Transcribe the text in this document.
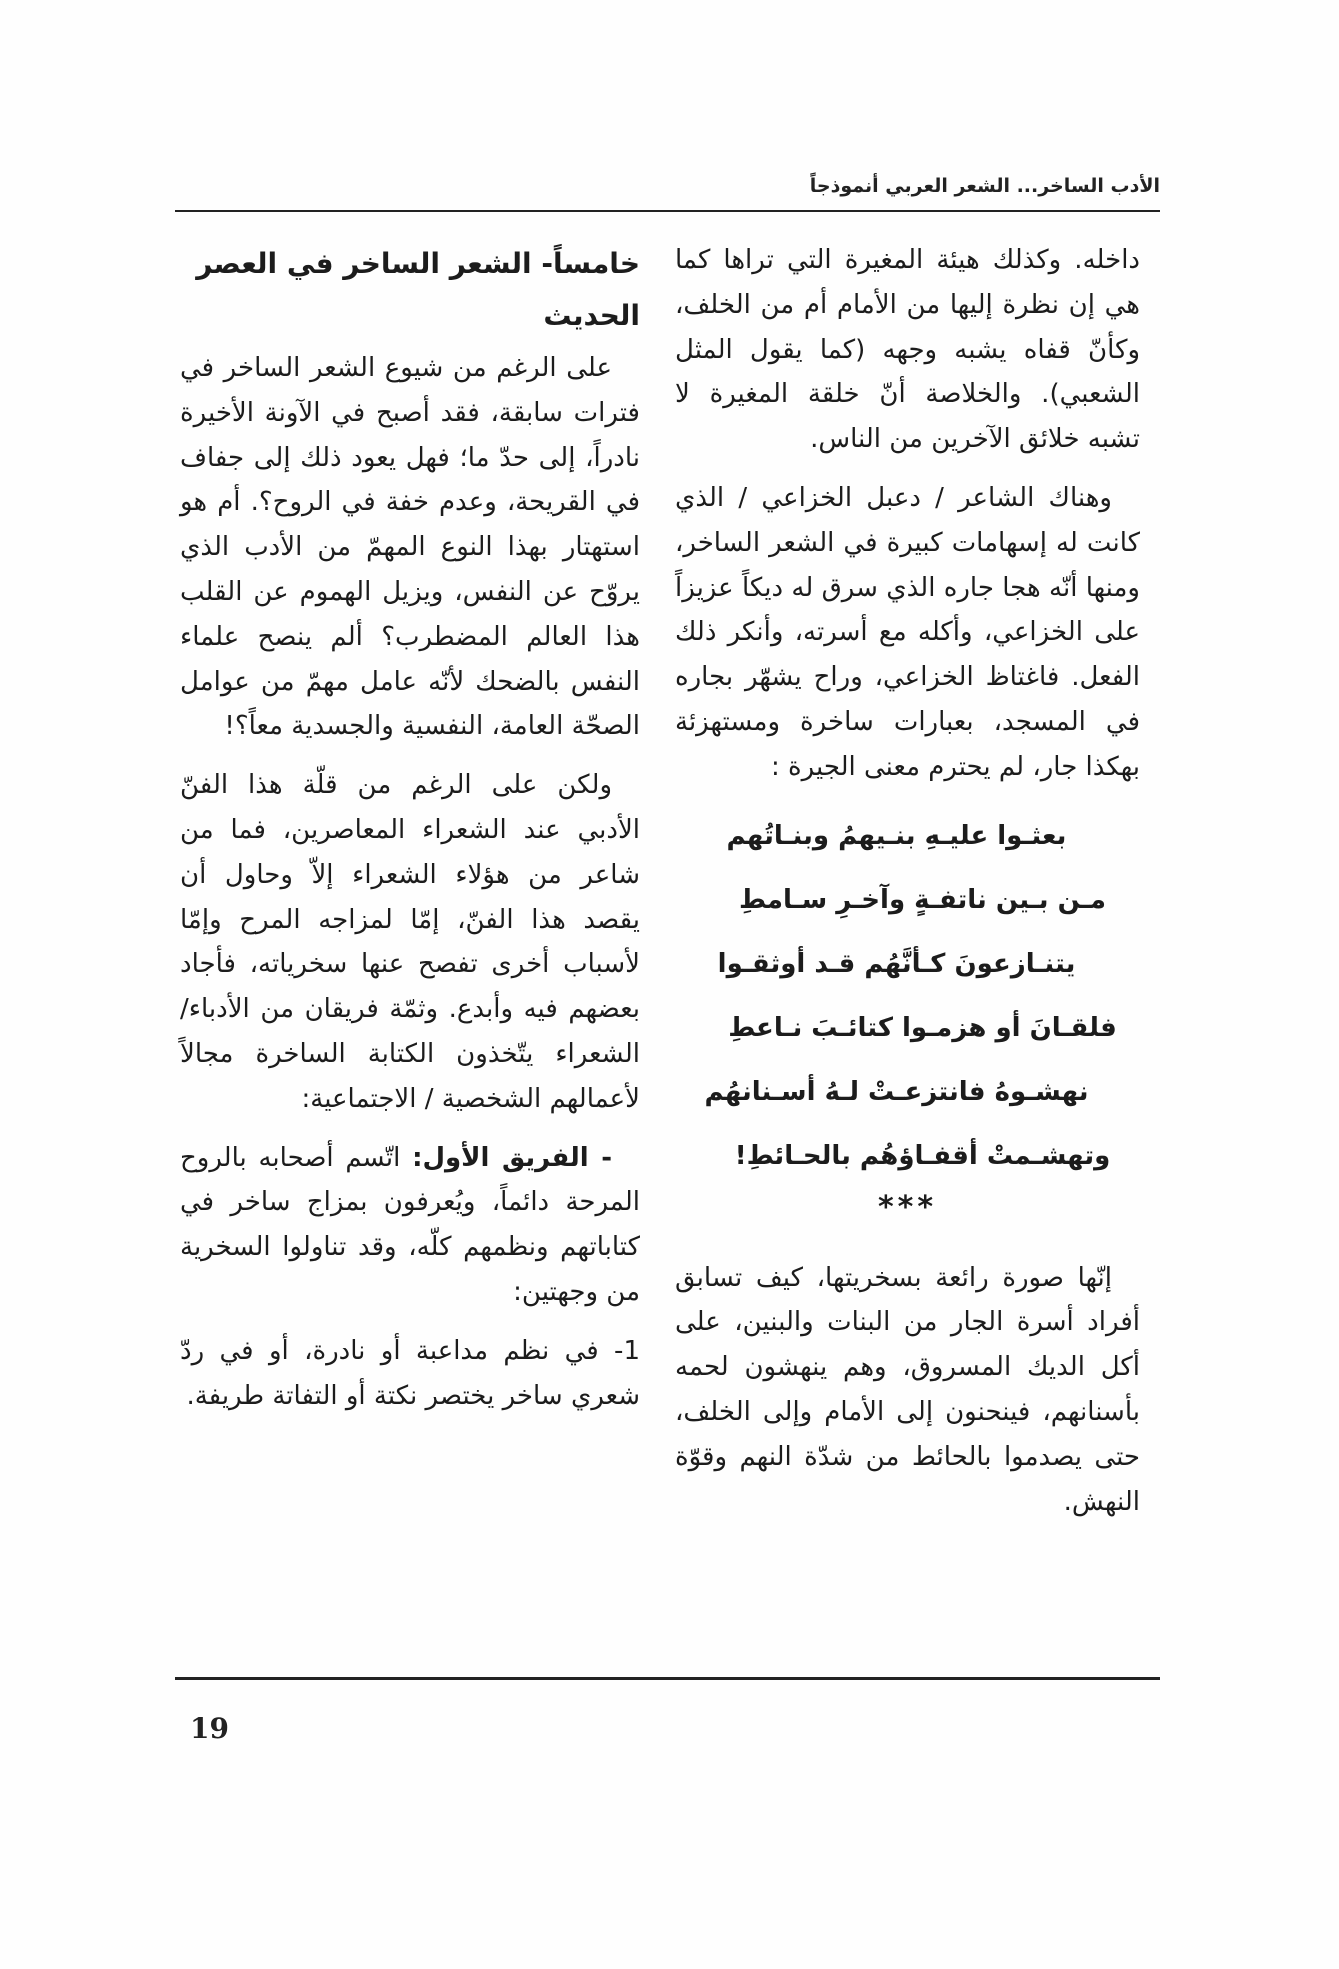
الأدب الساخر... الشعر العربي أنموذجاً

داخله. وكذلك هيئة المغيرة التي تراها كما هي إن نظرة إليها من الأمام أم من الخلف، وكأنّ قفاه يشبه وجهه (كما يقول المثل الشعبي). والخلاصة أنّ خلقة المغيرة لا تشبه خلائق الآخرين من الناس.

وهناك الشاعر / دعبل الخزاعي / الذي كانت له إسهامات كبيرة في الشعر الساخر، ومنها أنّه هجا جاره الذي سرق له ديكاً عزيزاً على الخزاعي، وأكله مع أسرته، وأنكر ذلك الفعل. فاغتاظ الخزاعي، وراح يشهّر بجاره في المسجد، بعبارات ساخرة ومستهزئة بهكذا جار، لم يحترم معنى الجيرة :

بعثـوا عليـهِ بنـيهمُ وبنـاتُهم
مـن بـين ناتفـةٍ وآخـرِ سـامطِ
يتنـازعونَ كـأنَّهُم قـد أوثقـوا
فلقـانَ أو هزمـوا كتائـبَ نـاعطِ
نهشـوهُ فانتزعـتْ لـهُ أسـنانهُم
وتهشـمتْ أقفـاؤهُم بالحـائطِ!
***

إنّها صورة رائعة بسخريتها، كيف تسابق أفراد أسرة الجار من البنات والبنين، على أكل الديك المسروق، وهم ينهشون لحمه بأسنانهم، فينحنون إلى الأمام وإلى الخلف، حتى يصدموا بالحائط من شدّة النهم وقوّة النهش.

خامساً- الشعر الساخر في العصر الحديث

على الرغم من شيوع الشعر الساخر في فترات سابقة، فقد أصبح في الآونة الأخيرة نادراً، إلى حدّ ما؛ فهل يعود ذلك إلى جفاف في القريحة، وعدم خفة في الروح؟. أم هو استهتار بهذا النوع المهمّ من الأدب الذي يروّح عن النفس، ويزيل الهموم عن القلب هذا العالم المضطرب؟ ألم ينصح علماء النفس بالضحك لأنّه عامل مهمّ من عوامل الصحّة العامة، النفسية والجسدية معاً؟!

ولكن على الرغم من قلّة هذا الفنّ الأدبي عند الشعراء المعاصرين، فما من شاعر من هؤلاء الشعراء إلاّ وحاول أن يقصد هذا الفنّ، إمّا لمزاجه المرح وإمّا لأسباب أخرى تفصح عنها سخرياته، فأجاد بعضهم فيه وأبدع. وثمّة فريقان من الأدباء/ الشعراء يتّخذون الكتابة الساخرة مجالاً لأعمالهم الشخصية / الاجتماعية:

- الفريق الأول: اتّسم أصحابه بالروح المرحة دائماً، ويُعرفون بمزاج ساخر في كتاباتهم ونظمهم كلّه، وقد تناولوا السخرية من وجهتين:

1- في نظم مداعبة أو نادرة، أو في ردّ شعري ساخر يختصر نكتة أو التفاتة طريفة.

19
